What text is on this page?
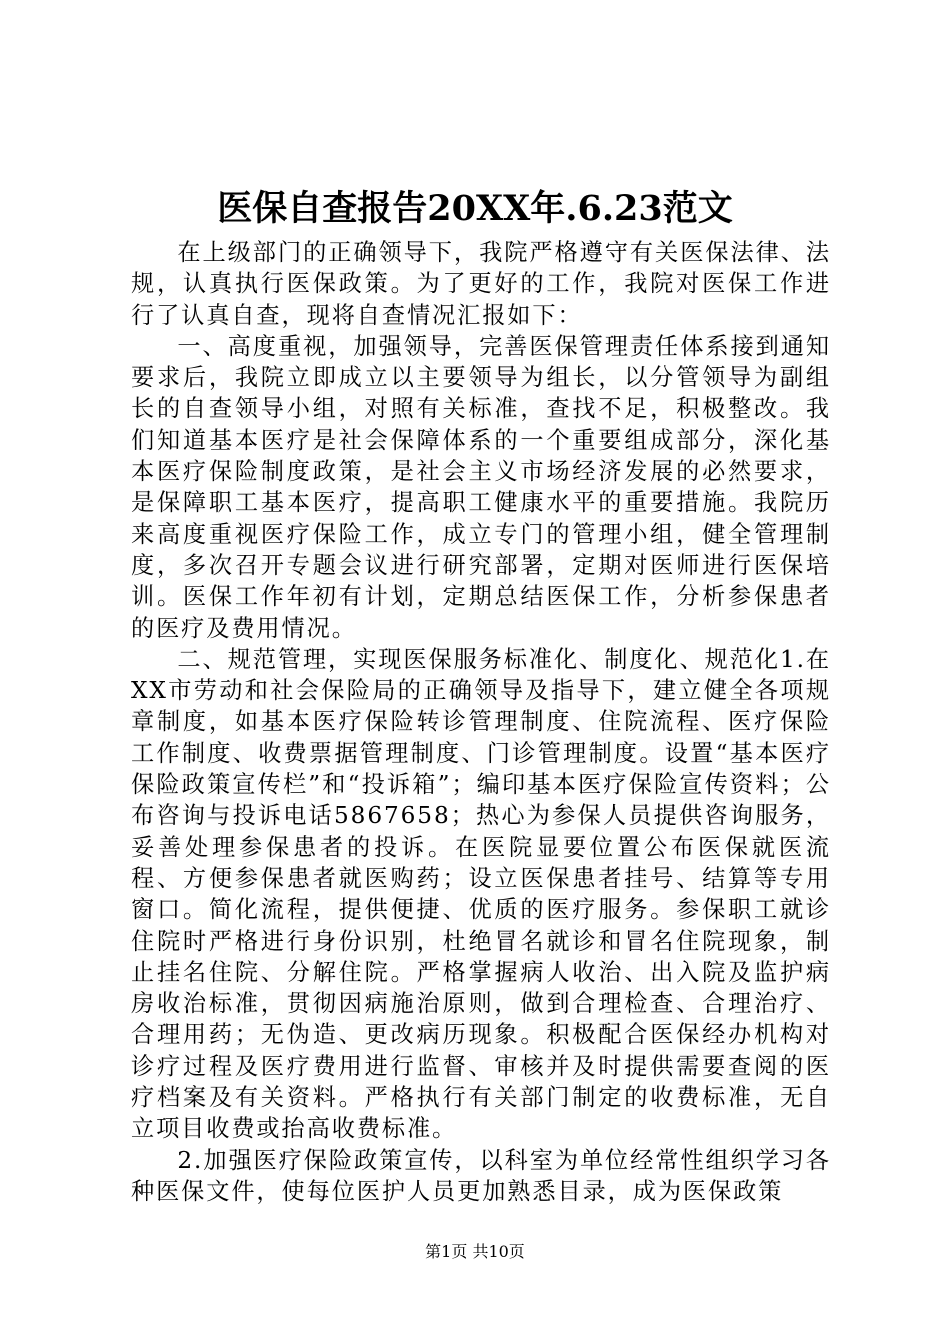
医保自查报告20XX年.6.23范文

在上级部门的正确领导下，我院严格遵守有关医保法律、法规，认真执行医保政策。为了更好的工作，我院对医保工作进行了认真自查，现将自查情况汇报如下：

一、高度重视，加强领导，完善医保管理责任体系接到通知要求后，我院立即成立以主要领导为组长，以分管领导为副组长的自查领导小组，对照有关标准，查找不足，积极整改。我们知道基本医疗是社会保障体系的一个重要组成部分，深化基本医疗保险制度政策，是社会主义市场经济发展的必然要求，是保障职工基本医疗，提高职工健康水平的重要措施。我院历来高度重视医疗保险工作，成立专门的管理小组，健全管理制度，多次召开专题会议进行研究部署，定期对医师进行医保培训。医保工作年初有计划，定期总结医保工作，分析参保患者的医疗及费用情况。

二、规范管理，实现医保服务标准化、制度化、规范化1.在XX市劳动和社会保险局的正确领导及指导下，建立健全各项规章制度，如基本医疗保险转诊管理制度、住院流程、医疗保险工作制度、收费票据管理制度、门诊管理制度。设置“基本医疗保险政策宣传栏”和“投诉箱”；编印基本医疗保险宣传资料；公布咨询与投诉电话5867658；热心为参保人员提供咨询服务，妥善处理参保患者的投诉。在医院显要位置公布医保就医流程、方便参保患者就医购药；设立医保患者挂号、结算等专用窗口。简化流程，提供便捷、优质的医疗服务。参保职工就诊住院时严格进行身份识别，杜绝冒名就诊和冒名住院现象，制止挂名住院、分解住院。严格掌握病人收治、出入院及监护病房收治标准，贯彻因病施治原则，做到合理检查、合理治疗、合理用药；无伪造、更改病历现象。积极配合医保经办机构对诊疗过程及医疗费用进行监督、审核并及时提供需要查阅的医疗档案及有关资料。严格执行有关部门制定的收费标准，无自立项目收费或抬高收费标准。

2.加强医疗保险政策宣传，以科室为单位经常性组织学习各种医保文件，使每位医护人员更加熟悉目录，成为医保政策

第1页 共10页
